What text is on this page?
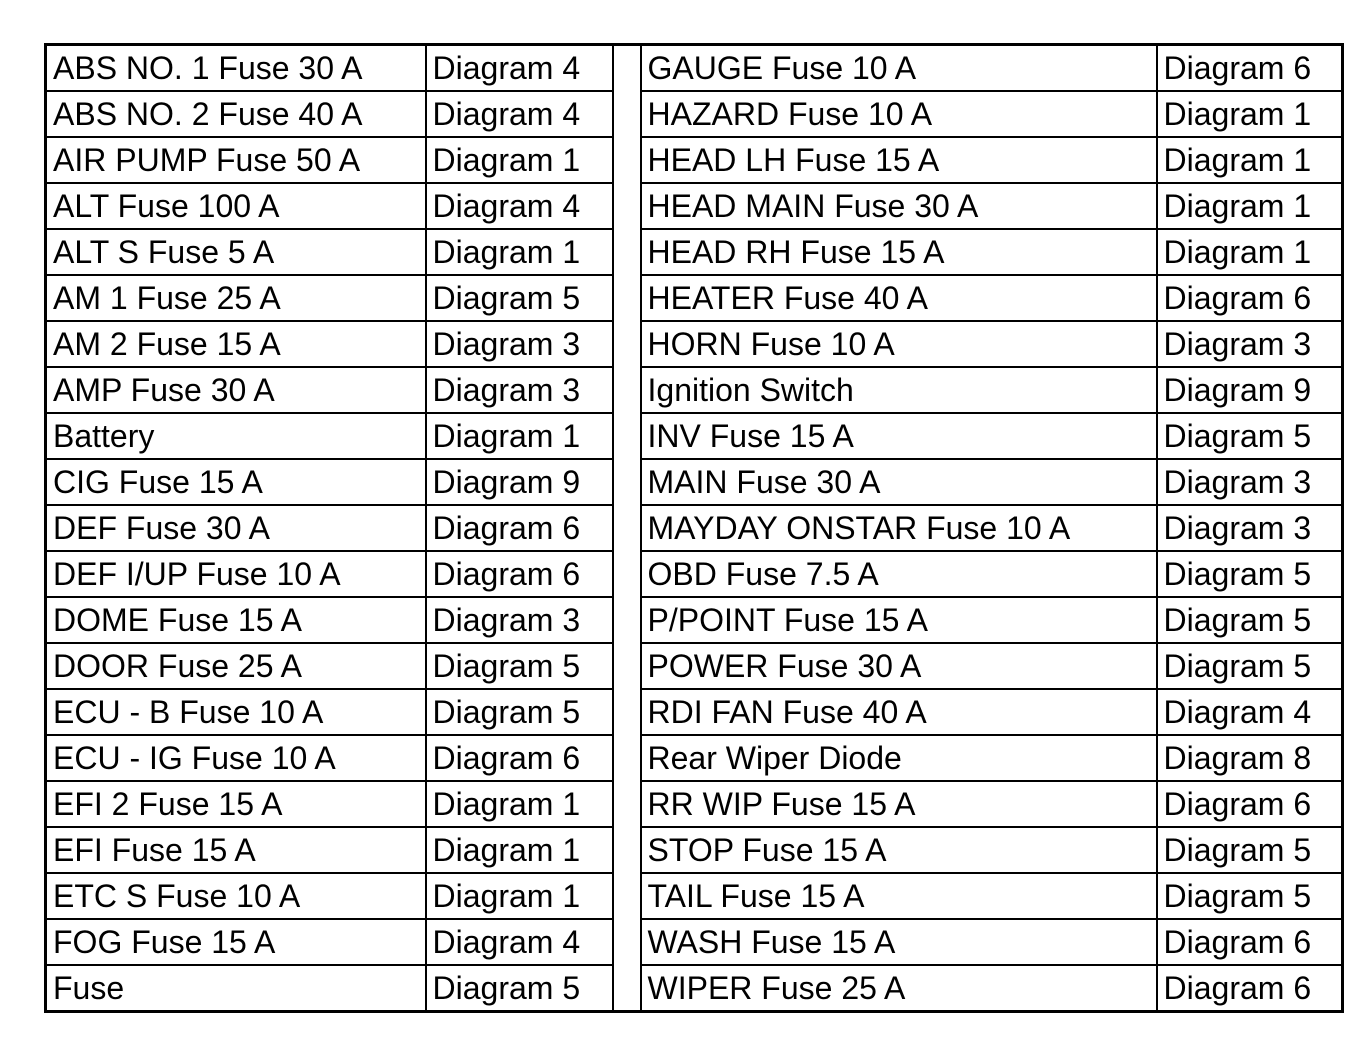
ABS NO. 1 Fuse 30 A	Diagram 4		GAUGE Fuse 10 A	Diagram 6
ABS NO. 2 Fuse 40 A	Diagram 4		HAZARD Fuse 10 A	Diagram 1
AIR PUMP Fuse 50 A	Diagram 1		HEAD LH Fuse 15 A	Diagram 1
ALT Fuse 100 A	Diagram 4		HEAD MAIN Fuse 30 A	Diagram 1
ALT S Fuse 5 A	Diagram 1		HEAD RH Fuse 15 A	Diagram 1
AM 1 Fuse 25 A	Diagram 5		HEATER Fuse 40 A	Diagram 6
AM 2 Fuse 15 A	Diagram 3		HORN Fuse 10 A	Diagram 3
AMP Fuse 30 A	Diagram 3		Ignition Switch	Diagram 9
Battery	Diagram 1		INV Fuse 15 A	Diagram 5
CIG Fuse 15 A	Diagram 9		MAIN Fuse 30 A	Diagram 3
DEF Fuse 30 A	Diagram 6		MAYDAY ONSTAR Fuse 10 A	Diagram 3
DEF I/UP Fuse 10 A	Diagram 6		OBD Fuse 7.5 A	Diagram 5
DOME Fuse 15 A	Diagram 3		P/POINT Fuse 15 A	Diagram 5
DOOR Fuse 25 A	Diagram 5		POWER Fuse 30 A	Diagram 5
ECU - B Fuse 10 A	Diagram 5		RDI FAN Fuse 40 A	Diagram 4
ECU - IG Fuse 10 A	Diagram 6		Rear Wiper Diode	Diagram 8
EFI 2 Fuse 15 A	Diagram 1		RR WIP Fuse 15 A	Diagram 6
EFI Fuse 15 A	Diagram 1		STOP Fuse 15 A	Diagram 5
ETC S Fuse 10 A	Diagram 1		TAIL Fuse 15 A	Diagram 5
FOG Fuse 15 A	Diagram 4		WASH Fuse 15 A	Diagram 6
Fuse	Diagram 5		WIPER Fuse 25 A	Diagram 6
